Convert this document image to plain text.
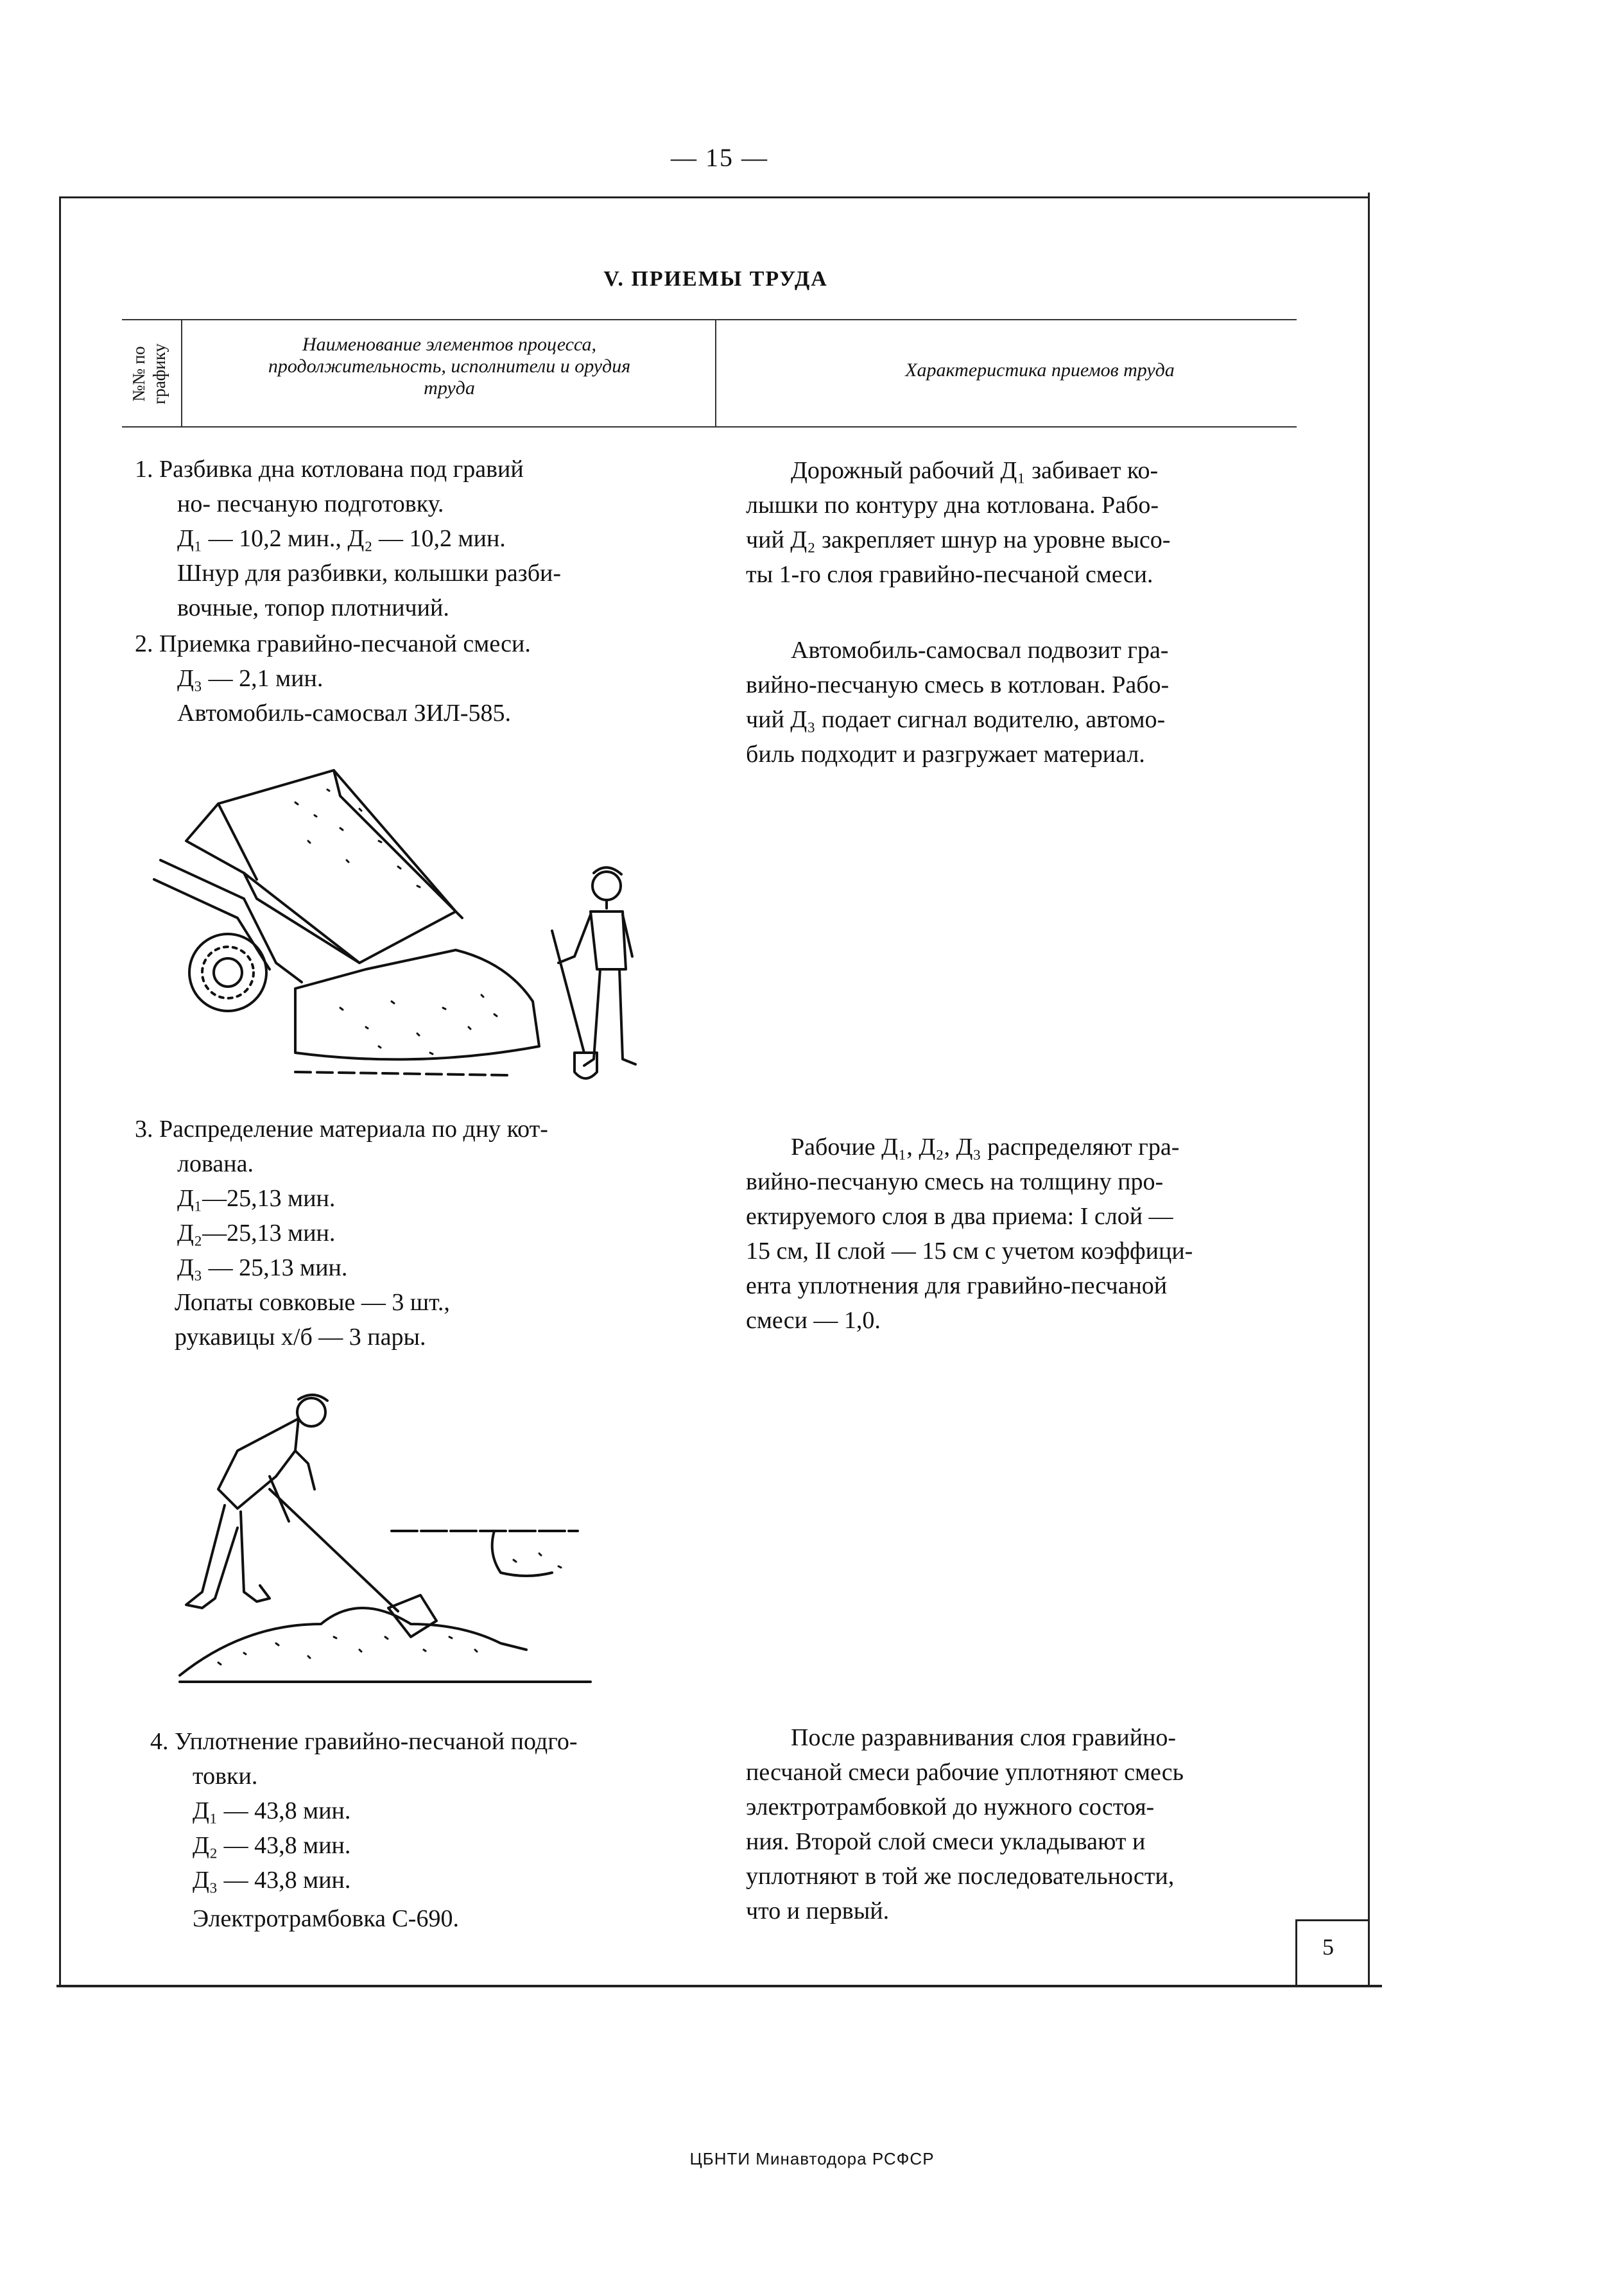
— 15 —
V. ПРИЕМЫ ТРУДА
№№ по графику	Наименование элементов процесса,
продолжительность, исполнители и орудия
труда
Характеристика приемов труда
1. Разбивка дна котлована под гравий
но- песчаную подготовку.
Д₁ — 10,2 мин., Д₂ — 10,2 мин.
Шнур для разбивки, колышки разби-
вочные, топор плотничий.
2. Приемка гравийно-песчаной смеси.
Д₃ — 2,1 мин.
Автомобиль-самосвал ЗИЛ-585.
3. Распределение материала по дну кот-
лована.
Д₁—25,13 мин.
Д₂—25,13 мин.
Д₃ — 25,13 мин.
Лопаты совковые — 3 шт.,
рукавицы х/б — 3 пары.
4. Уплотнение гравийно-песчаной подго-
товки.
Д₁ — 43,8 мин.
Д₂ — 43,8 мин.
Д₃ — 43,8 мин.
Электротрамбовка С-690.
Дорожный рабочий Д₁ забивает ко-
лышки по контуру дна котлована. Рабо-
чий Д₂ закрепляет шнур на уровне высо-
ты 1-го слоя гравийно-песчаной смеси.
Автомобиль-самосвал подвозит гра-
вийно-песчаную смесь в котлован. Рабо-
чий Д₃ подает сигнал водителю, автомо-
биль подходит и разгружает материал.
Рабочие Д₁, Д₂, Д₃ распределяют гра-
вийно-песчаную смесь на толщину про-
ектируемого слоя в два приема: I слой —
15 см, II слой — 15 см с учетом коэффици-
ента уплотнения для гравийно-песчаной
смеси — 1,0.
После разравнивания слоя гравийно-
песчаной смеси рабочие уплотняют смесь
электротрамбовкой до нужного состоя-
ния. Второй слой смеси укладывают и
уплотняют в той же последовательности,
что и первый.
5
ЦБНТИ Минавтодора РСФСР
